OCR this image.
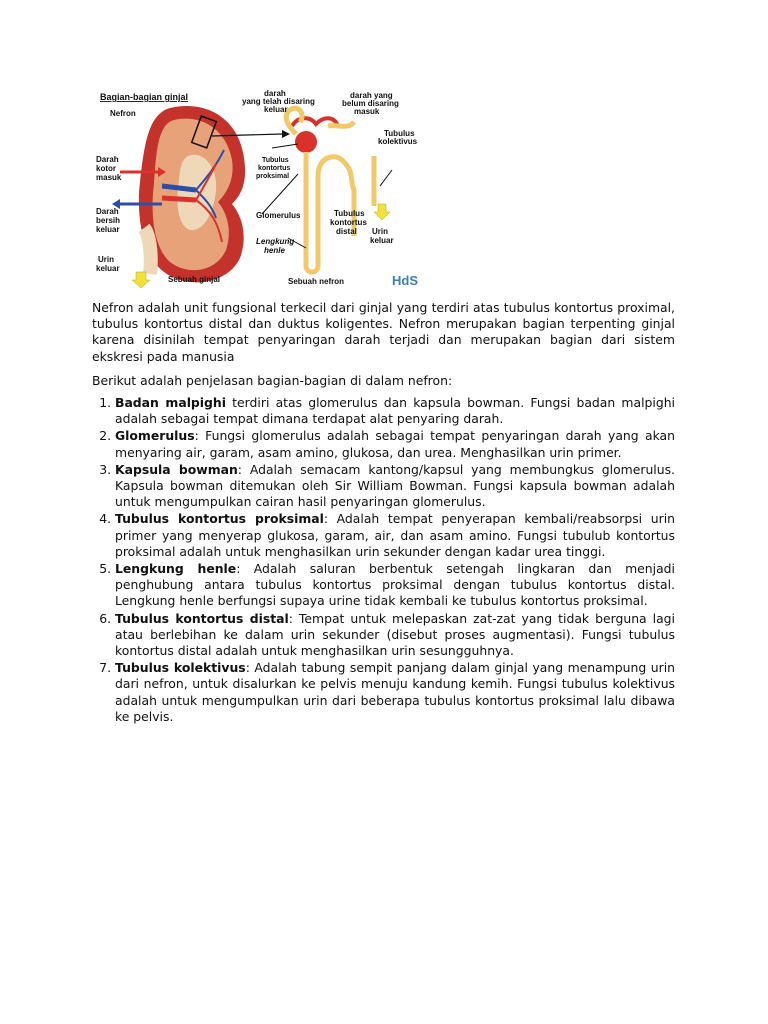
Bagian-bagian ginjal
Nefron
Darah
kotor
masuk
Darah
bersih
keluar
Urin
keluar
Sebuah ginjal
darah
yang telah disaring
keluar
darah yang
belum disaring
masuk
Tubulus
kolektivus
Tubulus
kontortus
proksimal
Glomerulus	Tubulus
kontortus
distal Urin
keluar
Lengkung
henle
Sebuah nefron	HdS

Nefron adalah unit fungsional terkecil dari ginjal yang terdiri atas tubulus kontortus proximal, tubulus kontortus distal dan duktus koligentes. Nefron merupakan bagian terpenting ginjal karena disinilah tempat penyaringan darah terjadi dan merupakan bagian dari sistem ekskresi pada manusia

Berikut adalah penjelasan bagian-bagian di dalam nefron:

1. Badan malpighi terdiri atas glomerulus dan kapsula bowman. Fungsi badan malpighi adalah sebagai tempat dimana terdapat alat penyaring darah.
2. Glomerulus: Fungsi glomerulus adalah sebagai tempat penyaringan darah yang akan menyaring air, garam, asam amino, glukosa, dan urea. Menghasilkan urin primer.
3. Kapsula bowman: Adalah semacam kantong/kapsul yang membungkus glomerulus. Kapsula bowman ditemukan oleh Sir William Bowman. Fungsi kapsula bowman adalah untuk mengumpulkan cairan hasil penyaringan glomerulus.
4. Tubulus kontortus proksimal: Adalah tempat penyerapan kembali/reabsorpsi urin primer yang menyerap glukosa, garam, air, dan asam amino. Fungsi tubulub kontortus proksimal adalah untuk menghasilkan urin sekunder dengan kadar urea tinggi.
5. Lengkung henle: Adalah saluran berbentuk setengah lingkaran dan menjadi penghubung antara tubulus kontortus proksimal dengan tubulus kontortus distal. Lengkung henle berfungsi supaya urine tidak kembali ke tubulus kontortus proksimal.
6. Tubulus kontortus distal: Tempat untuk melepaskan zat-zat yang tidak berguna lagi atau berlebihan ke dalam urin sekunder (disebut proses augmentasi). Fungsi tubulus kontortus distal adalah untuk menghasilkan urin sesungguhnya.
7. Tubulus kolektivus: Adalah tabung sempit panjang dalam ginjal yang menampung urin dari nefron, untuk disalurkan ke pelvis menuju kandung kemih. Fungsi tubulus kolektivus adalah untuk mengumpulkan urin dari beberapa tubulus kontortus proksimal lalu dibawa ke pelvis.
